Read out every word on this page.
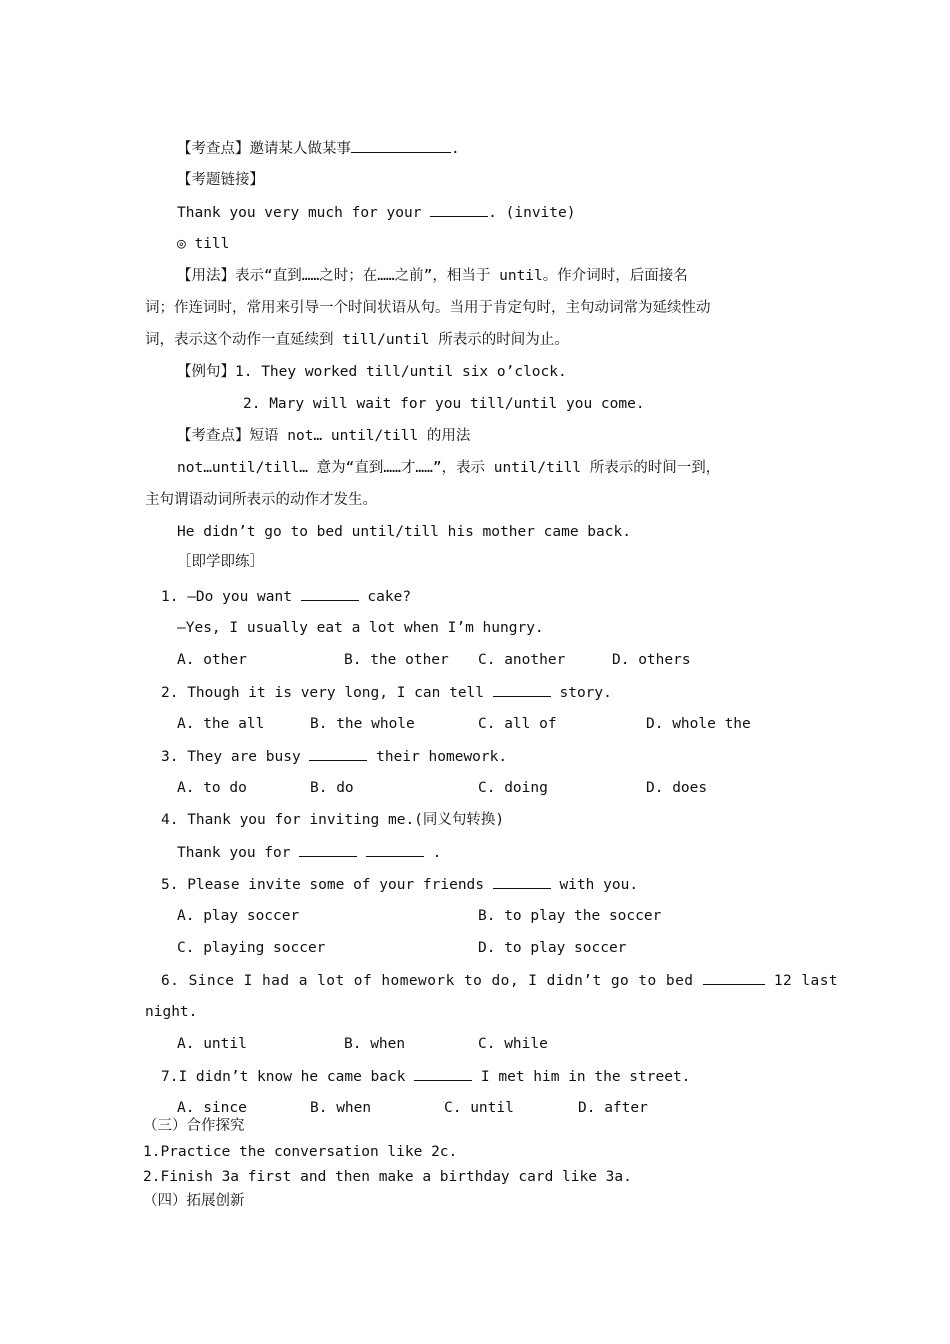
【考查点】邀请某人做某事	.
【考题链接】
Thank you very much for your	. (invite)
◎ till
【用法】表示“直到……之时；在……之前”，相当于 until。作介词时，后面接名
词；作连词时，常用来引导一个时间状语从句。当用于肯定句时，主句动词常为延续性动
词，表示这个动作一直延续到 till/until 所表示的时间为止。
【例句】1. They worked till/until six o’clock.
2. Mary will wait for you till/until you come.
【考查点】短语 not… until/till 的用法
not…until/till… 意为“直到……才……”，表示 until/till 所表示的时间一到，
主句谓语动词所表示的动作才发生。
He didn’t go to bed until/till his mother came back.
［即学即练］
1. —Do you want	cake?
—Yes, I usually eat a lot when I’m hungry.
A. other	B. the other C. another	D. others
2. Though it is very long, I can tell	story.
A. the all	B. the whole	C. all of	D. whole the
3. They are busy	their homework.
A. to do	B. do	C. doing	D. does
4. Thank you for inviting me.(同义句转换)
Thank you for	.
5. Please invite some of your friends	with you.
A. play soccer	B. to play the soccer
C. playing soccer	D. to play soccer
6. Since I had a lot of homework to do, I didn’t go to bed	12 last
night.
A. until	B. when	C. while
7.I didn’t know he came back	I met him in the street.
A. since	B. when	C. until	D. after
（三）合作探究
1.Practice the conversation like 2c.
2.Finish 3a first and then make a birthday card like 3a.
（四）拓展创新
